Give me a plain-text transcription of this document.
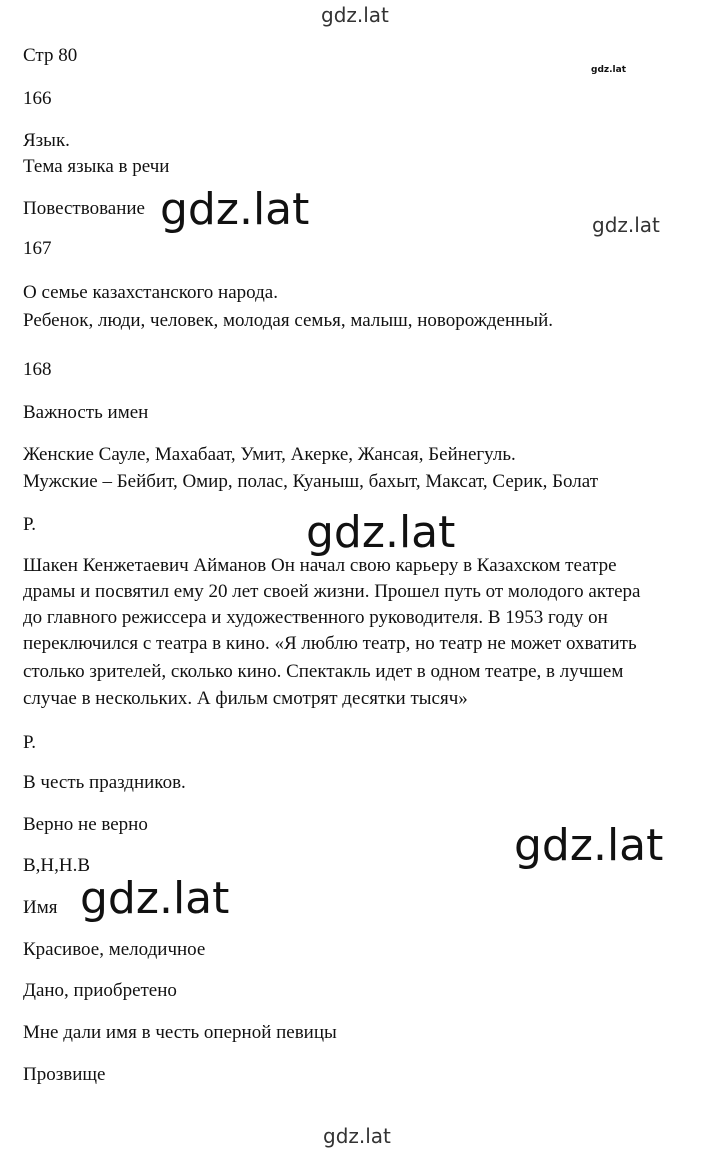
gdz.lat
gdz.lat
gdz.lat	gdz.lat
gdz.lat
gdz.lat
gdz.lat
gdz.lat
Стр 80
166
Язык.
Тема языка в речи
Повествование
167
О семье казахстанского народа.
Ребенок, люди, человек, молодая семья, малыш, новорожденный.
168
Важность имен
Женские Сауле, Махабаат, Умит, Акерке, Жансая, Бейнегуль.
Мужские – Бейбит, Омир, полас, Куаныш, бахыт, Максат, Серик, Болат
Р.
Шакен Кенжетаевич Айманов Он начал свою карьеру в Казахском театре
драмы и посвятил ему 20 лет своей жизни. Прошел путь от молодого актера
до главного режиссера и художественного руководителя. В 1953 году он
переключился с театра в кино. «Я люблю театр, но театр не может охватить
столько зрителей, сколько кино. Спектакль идет в одном театре, в лучшем
случае в нескольких. А фильм смотрят десятки тысяч»
Р.
В честь праздников.
Верно не верно
В,Н,Н.В
Имя
Красивое, мелодичное
Дано, приобретено
Мне дали имя в честь оперной певицы
Прозвище
